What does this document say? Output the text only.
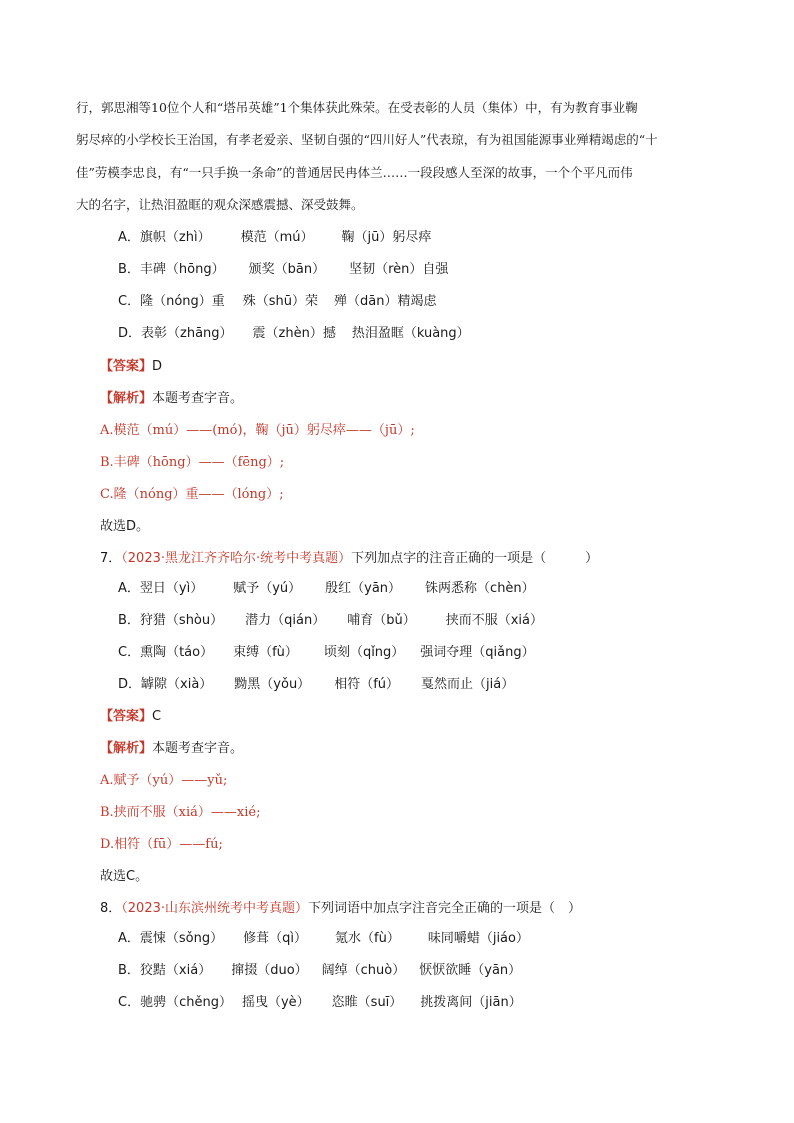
行，郭思湘等10位个人和“塔吊英雄”1个集体获此殊荣。在受表彰的人员（集体）中，有为教育事业鞠
躬尽瘁的小学校长王治国，有孝老爱亲、坚韧自强的“四川好人”代表琼，有为祖国能源事业殚精竭虑的“十
佳”劳模李忠良，有“一只手换一条命”的普通居民冉体兰……一段段感人至深的故事，一个个平凡而伟
大的名字，让热泪盈眶的观众深感震撼、深受鼓舞。
A．旗帜（zhì） 模范（mú） 鞠（jū）躬尽瘁
B．丰碑（hōng） 颁奖（bān） 坚韧（rèn）自强
C．隆（nóng）重 殊（shū）荣 殚（dān）精竭虑
D．表彰（zhāng） 震（zhèn）撼 热泪盈眶（kuàng）
【答案】D
【解析】本题考查字音。
A.模范（mú）——(mó)，鞠（jū）躬尽瘁——（jū）;
B.丰碑（hōng）——（fēng）;
C.隆（nóng）重——（lóng）;
故选D。
7．（2023·黑龙江齐齐哈尔·统考中考真题）下列加点字的注音正确的一项是（　　　）
A．翌日（yì） 赋予（yú） 殷红（yān） 铢两悉称（chèn）
B．狩猎（shòu） 潜力（qián） 哺育（bǔ） 挟而不服（xiá）
C．熏陶（táo） 束缚（fù） 顷刻（qǐng） 强词夺理（qiǎng）
D．罅隙（xià） 黝黑（yǒu） 相符（fú） 戛然而止（jiá）
【答案】C
【解析】本题考查字音。
A.赋予（yú）——yǔ;
B.挟而不服（xiá）——xié;
D.相符（fū）——fú;
故选C。
8．（2023·山东滨州统考中考真题）下列词语中加点字注音完全正确的一项是（　）
A．震悚（sǒng） 修葺（qì） 氪水（fù） 味同嚼蜡（jiáo）
B．狡黠（xiá） 撺掇（duo） 阔绰（chuò） 恹恹欲睡（yān）
C．驰骋（chěng） 摇曳（yè） 恣睢（suī） 挑拨离间（jiān）
